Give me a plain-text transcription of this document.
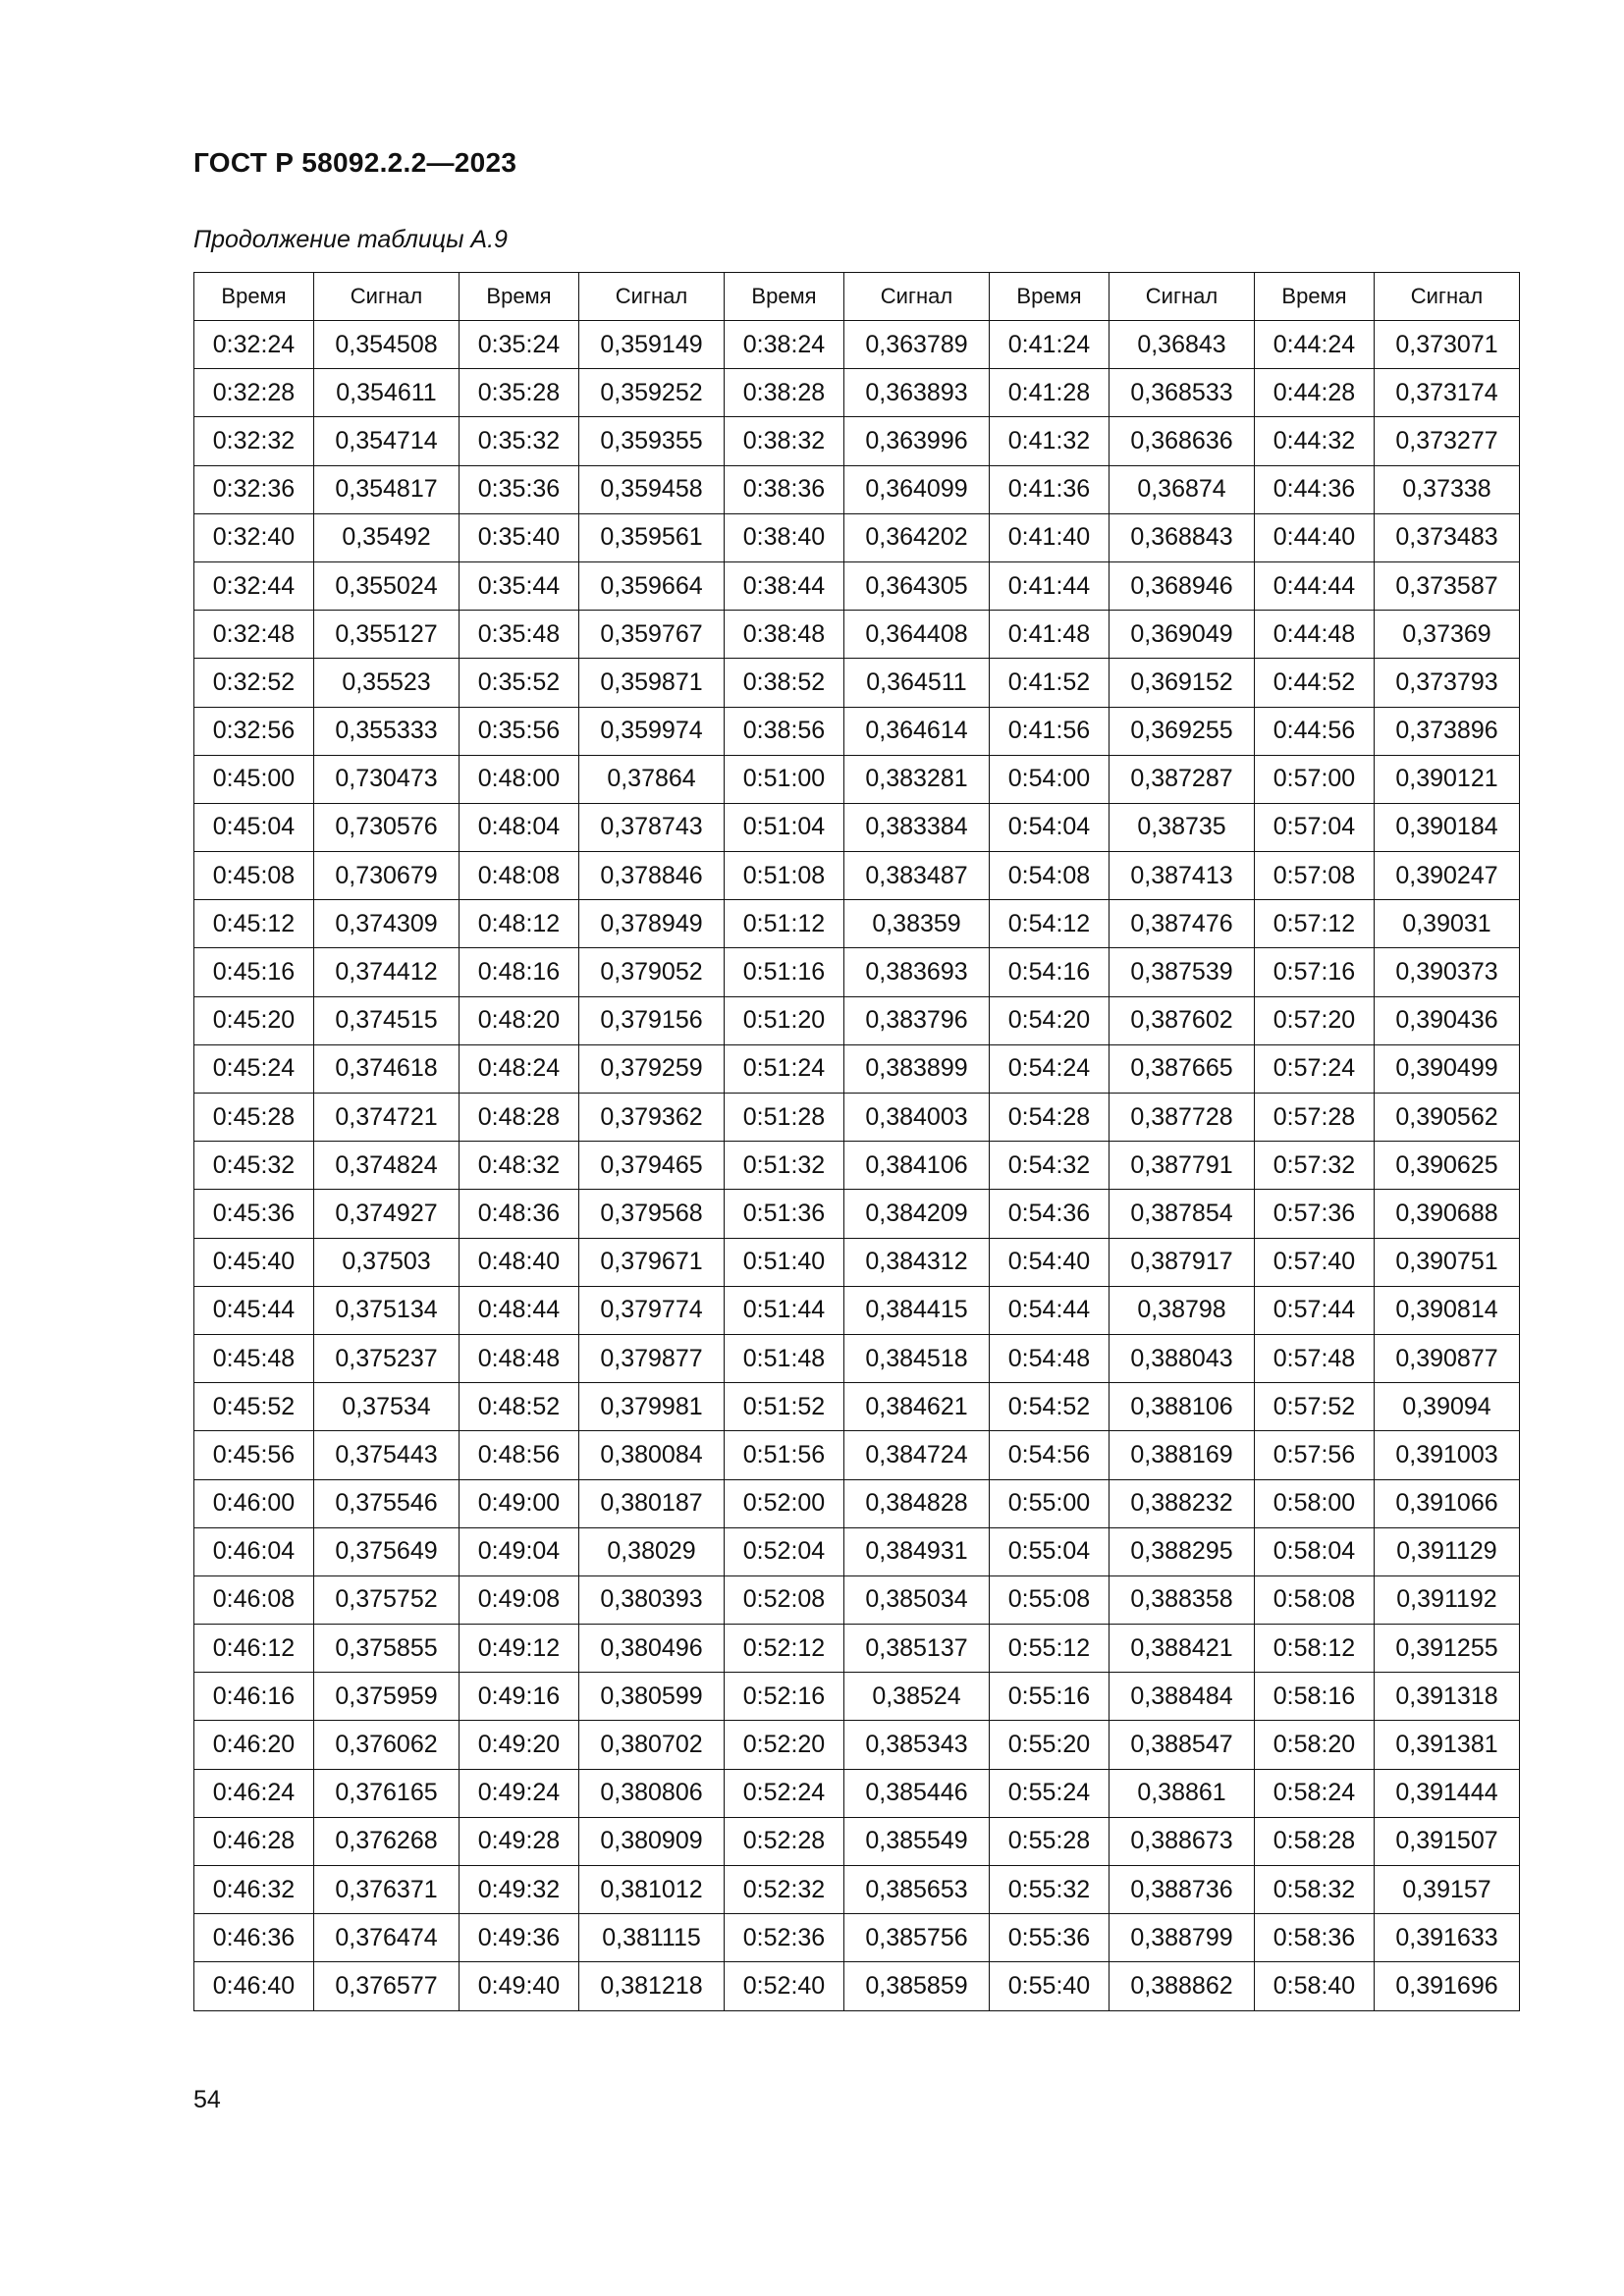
ГОСТ Р 58092.2.2—2023
Продолжение таблицы А.9
Время	Сигнал	Время	Сигнал	Время	Сигнал	Время	Сигнал	Время	Сигнал
0:32:24	0,354508	0:35:24	0,359149	0:38:24	0,363789	0:41:24	0,36843	0:44:24	0,373071
0:32:28	0,354611	0:35:28	0,359252	0:38:28	0,363893	0:41:28	0,368533	0:44:28	0,373174
0:32:32	0,354714	0:35:32	0,359355	0:38:32	0,363996	0:41:32	0,368636	0:44:32	0,373277
0:32:36	0,354817	0:35:36	0,359458	0:38:36	0,364099	0:41:36	0,36874	0:44:36	0,37338
0:32:40	0,35492	0:35:40	0,359561	0:38:40	0,364202	0:41:40	0,368843	0:44:40	0,373483
0:32:44	0,355024	0:35:44	0,359664	0:38:44	0,364305	0:41:44	0,368946	0:44:44	0,373587
0:32:48	0,355127	0:35:48	0,359767	0:38:48	0,364408	0:41:48	0,369049	0:44:48	0,37369
0:32:52	0,35523	0:35:52	0,359871	0:38:52	0,364511	0:41:52	0,369152	0:44:52	0,373793
0:32:56	0,355333	0:35:56	0,359974	0:38:56	0,364614	0:41:56	0,369255	0:44:56	0,373896
0:45:00	0,730473	0:48:00	0,37864	0:51:00	0,383281	0:54:00	0,387287	0:57:00	0,390121
0:45:04	0,730576	0:48:04	0,378743	0:51:04	0,383384	0:54:04	0,38735	0:57:04	0,390184
0:45:08	0,730679	0:48:08	0,378846	0:51:08	0,383487	0:54:08	0,387413	0:57:08	0,390247
0:45:12	0,374309	0:48:12	0,378949	0:51:12	0,38359	0:54:12	0,387476	0:57:12	0,39031
0:45:16	0,374412	0:48:16	0,379052	0:51:16	0,383693	0:54:16	0,387539	0:57:16	0,390373
0:45:20	0,374515	0:48:20	0,379156	0:51:20	0,383796	0:54:20	0,387602	0:57:20	0,390436
0:45:24	0,374618	0:48:24	0,379259	0:51:24	0,383899	0:54:24	0,387665	0:57:24	0,390499
0:45:28	0,374721	0:48:28	0,379362	0:51:28	0,384003	0:54:28	0,387728	0:57:28	0,390562
0:45:32	0,374824	0:48:32	0,379465	0:51:32	0,384106	0:54:32	0,387791	0:57:32	0,390625
0:45:36	0,374927	0:48:36	0,379568	0:51:36	0,384209	0:54:36	0,387854	0:57:36	0,390688
0:45:40	0,37503	0:48:40	0,379671	0:51:40	0,384312	0:54:40	0,387917	0:57:40	0,390751
0:45:44	0,375134	0:48:44	0,379774	0:51:44	0,384415	0:54:44	0,38798	0:57:44	0,390814
0:45:48	0,375237	0:48:48	0,379877	0:51:48	0,384518	0:54:48	0,388043	0:57:48	0,390877
0:45:52	0,37534	0:48:52	0,379981	0:51:52	0,384621	0:54:52	0,388106	0:57:52	0,39094
0:45:56	0,375443	0:48:56	0,380084	0:51:56	0,384724	0:54:56	0,388169	0:57:56	0,391003
0:46:00	0,375546	0:49:00	0,380187	0:52:00	0,384828	0:55:00	0,388232	0:58:00	0,391066
0:46:04	0,375649	0:49:04	0,38029	0:52:04	0,384931	0:55:04	0,388295	0:58:04	0,391129
0:46:08	0,375752	0:49:08	0,380393	0:52:08	0,385034	0:55:08	0,388358	0:58:08	0,391192
0:46:12	0,375855	0:49:12	0,380496	0:52:12	0,385137	0:55:12	0,388421	0:58:12	0,391255
0:46:16	0,375959	0:49:16	0,380599	0:52:16	0,38524	0:55:16	0,388484	0:58:16	0,391318
0:46:20	0,376062	0:49:20	0,380702	0:52:20	0,385343	0:55:20	0,388547	0:58:20	0,391381
0:46:24	0,376165	0:49:24	0,380806	0:52:24	0,385446	0:55:24	0,38861	0:58:24	0,391444
0:46:28	0,376268	0:49:28	0,380909	0:52:28	0,385549	0:55:28	0,388673	0:58:28	0,391507
0:46:32	0,376371	0:49:32	0,381012	0:52:32	0,385653	0:55:32	0,388736	0:58:32	0,39157
0:46:36	0,376474	0:49:36	0,381115	0:52:36	0,385756	0:55:36	0,388799	0:58:36	0,391633
0:46:40	0,376577	0:49:40	0,381218	0:52:40	0,385859	0:55:40	0,388862	0:58:40	0,391696
54
